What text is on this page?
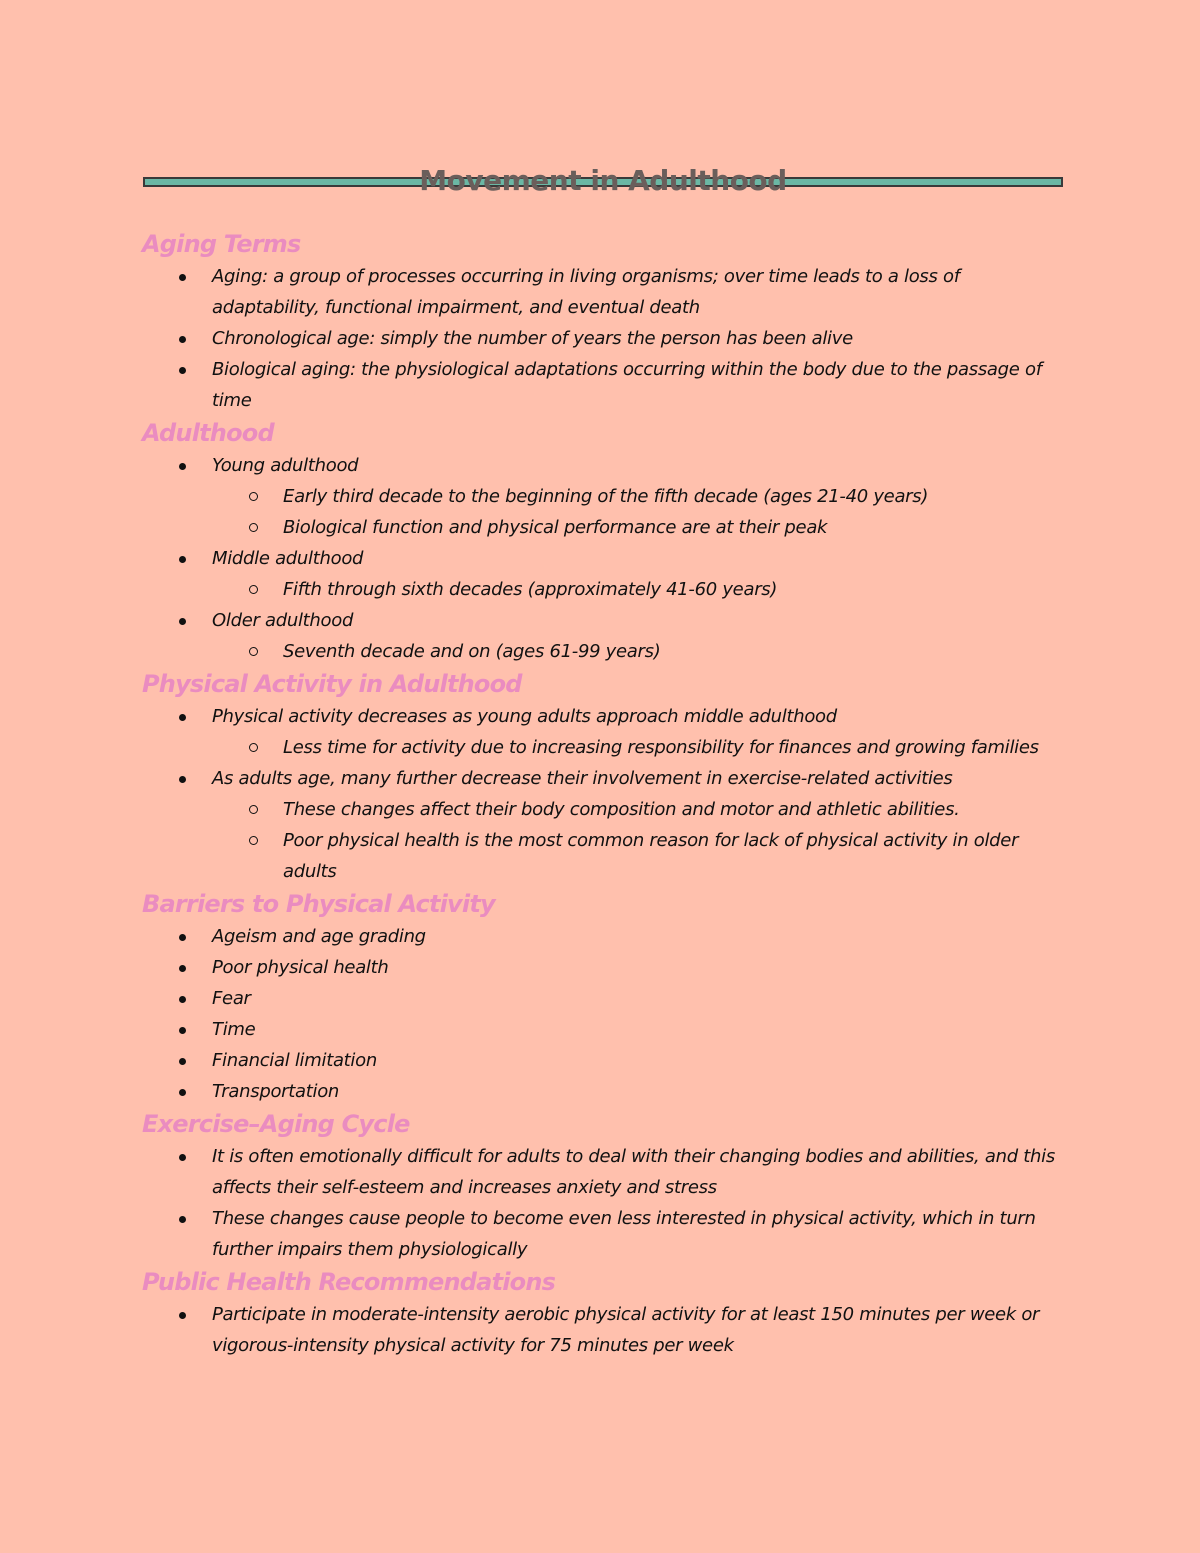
Movement in Adulthood
Aging Terms
Aging: a group of processes occurring in living organisms; over time leads to a loss of adaptability, functional impairment, and eventual death
Chronological age: simply the number of years the person has been alive
Biological aging: the physiological adaptations occurring within the body due to the passage of time
Adulthood
Young adulthood
Early third decade to the beginning of the fifth decade (ages 21-40 years)
Biological function and physical performance are at their peak
Middle adulthood
Fifth through sixth decades (approximately 41-60 years)
Older adulthood
Seventh decade and on (ages 61-99 years)
Physical Activity in Adulthood
Physical activity decreases as young adults approach middle adulthood
Less time for activity due to increasing responsibility for finances and growing families
As adults age, many further decrease their involvement in exercise-related activities
These changes affect their body composition and motor and athletic abilities.
Poor physical health is the most common reason for lack of physical activity in older adults
Barriers to Physical Activity
Ageism and age grading
Poor physical health
Fear
Time
Financial limitation
Transportation
Exercise–Aging Cycle
It is often emotionally difficult for adults to deal with their changing bodies and abilities, and this affects their self-esteem and increases anxiety and stress
These changes cause people to become even less interested in physical activity, which in turn further impairs them physiologically
Public Health Recommendations
Participate in moderate-intensity aerobic physical activity for at least 150 minutes per week or vigorous-intensity physical activity for 75 minutes per week
